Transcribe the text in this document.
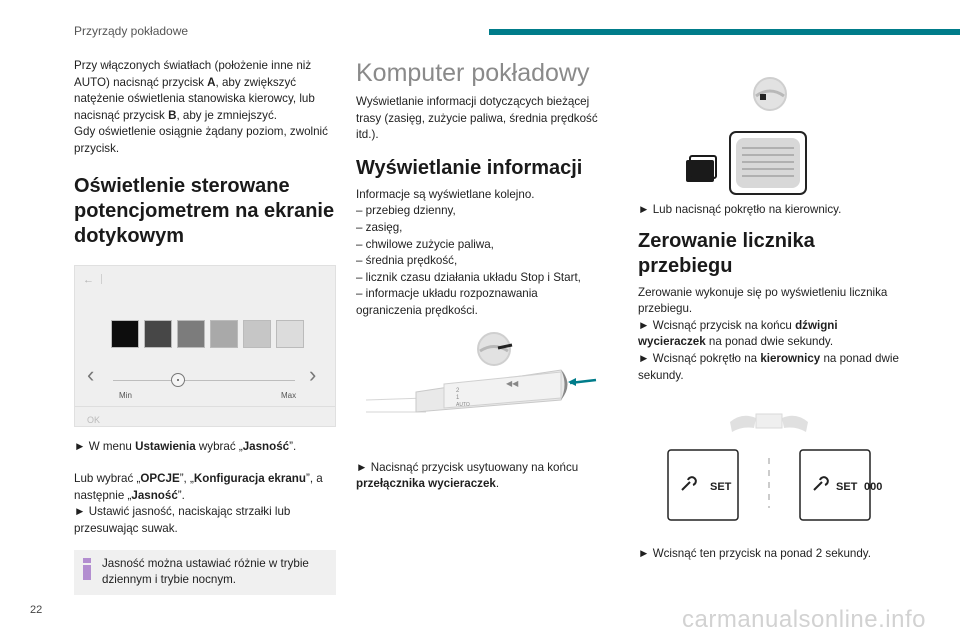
Przyrządy pokładowe

Przy włączonych światłach (położenie inne niż AUTO) nacisnąć przycisk A, aby zwiększyć natężenie oświetlenia stanowiska kierowcy, lub nacisnąć przycisk B, aby je zmniejszyć.
Gdy oświetlenie osiągnie żądany poziom, zwolnić przycisk.

Oświetlenie sterowane potencjometrem na ekranie dotykowym
←
‹	›
Min	Max
OK

► W menu Ustawienia wybrać „Jasność”.

Lub wybrać „OPCJE”, „Konfiguracja ekranu”, a następnie „Jasność”.

► Ustawić jasność, naciskając strzałki lub przesuwając suwak.

Jasność można ustawiać różnie w trybie dziennym i trybie nocnym.

Komputer pokładowy

Wyświetlanie informacji dotyczących bieżącej trasy (zasięg, zużycie paliwa, średnia prędkość itd.).

Wyświetlanie informacji

Informacje są wyświetlane kolejno.

– przebieg dzienny,

– zasięg,

– chwilowe zużycie paliwa,

– średnia prędkość,

– licznik czasu działania układu Stop i Start,

– informacje układu rozpoznawania ograniczenia prędkości.

2
1
AUTO
◀◀

► Nacisnąć przycisk usytuowany na końcu przełącznika wycieraczek.

► Lub nacisnąć pokrętło na kierownicy.

Zerowanie licznika przebiegu

Zerowanie wykonuje się po wyświetleniu licznika przebiegu.

► Wcisnąć przycisk na końcu dźwigni wycieraczek na ponad dwie sekundy.

► Wcisnąć pokrętło na kierownicy na ponad dwie sekundy.

SET	SET 000

► Wcisnąć ten przycisk na ponad 2 sekundy.

22	carmanualsonline.info
